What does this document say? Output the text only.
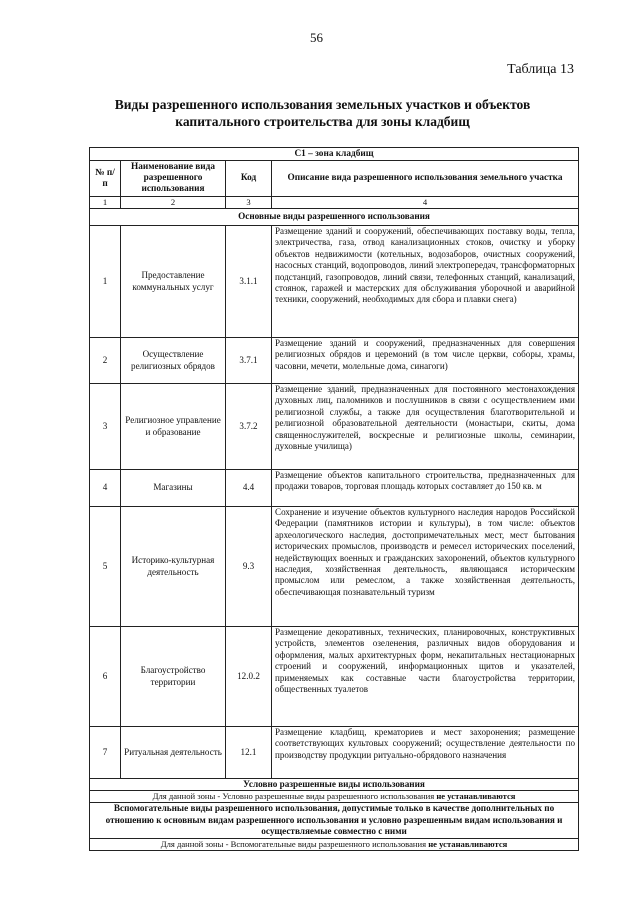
56
Таблица 13
Виды разрешенного использования земельных участков и объектов
капитального строительства для зоны кладбищ
С1 – зона кладбищ			
№ п/п	Наименование вида разрешенного использования	Код	Описание вида разрешенного использования земельного участка
1	2	3	4
Основные виды разрешенного использования			
1	Предоставление коммунальных услуг	3.1.1	Размещение зданий и сооружений, обеспечивающих поставку воды, тепла, электричества, газа, отвод канализационных стоков, очистку и уборку объектов недвижимости (котельных, водозаборов, очистных сооружений, насосных станций, водопроводов, линий электропередач, трансформаторных подстанций, газопроводов, линий связи, телефонных станций, канализаций, стоянок, гаражей и мастерских для обслуживания уборочной и аварийной техники, сооружений, необходимых для сбора и плавки снега)
2	Осуществление религиозных обрядов	3.7.1	Размещение зданий и сооружений, предназначенных для совершения религиозных обрядов и церемоний (в том числе церкви, соборы, храмы, часовни, мечети, молельные дома, синагоги)
3	Религиозное управление и образование	3.7.2	Размещение зданий, предназначенных для постоянного местонахождения духовных лиц, паломников и послушников в связи с осуществлением ими религиозной службы, а также для осуществления благотворительной и религиозной образовательной деятельности (монастыри, скиты, дома священнослужителей, воскресные и религиозные школы, семинарии, духовные училища)
4	Магазины	4.4	Размещение объектов капитального строительства, предназначенных для продажи товаров, торговая площадь которых составляет до 150 кв. м
5	Историко-культурная деятельность	9.3	Сохранение и изучение объектов культурного наследия народов Российской Федерации (памятников истории и культуры), в том числе: объектов археологического наследия, достопримечательных мест, мест бытования исторических промыслов, производств и ремесел исторических поселений, недействующих военных и гражданских захоронений, объектов культурного наследия, хозяйственная деятельность, являющаяся историческим промыслом или ремеслом, а также хозяйственная деятельность, обеспечивающая познавательный туризм
6	Благоустройство территории	12.0.2	Размещение декоративных, технических, планировочных, конструктивных устройств, элементов озеленения, различных видов оборудования и оформления, малых архитектурных форм, некапитальных нестационарных строений и сооружений, информационных щитов и указателей, применяемых как составные части благоустройства территории, общественных туалетов
7	Ритуальная деятельность	12.1	Размещение кладбищ, крематориев и мест захоронения; размещение соответствующих культовых сооружений; осуществление деятельности по производству продукции ритуально-обрядового назначения
Условно разрешенные виды использования			
Для данной зоны - Условно разрешенные виды разрешенного использования не устанавливаются			
Вспомогательные виды разрешенного использования, допустимые только в качестве дополнительных по отношению к основным видам разрешенного использования и условно разрешенным видам использования и осуществляемые совместно с ними			
Для данной зоны - Вспомогательные виды разрешенного использования не устанавливаются			
